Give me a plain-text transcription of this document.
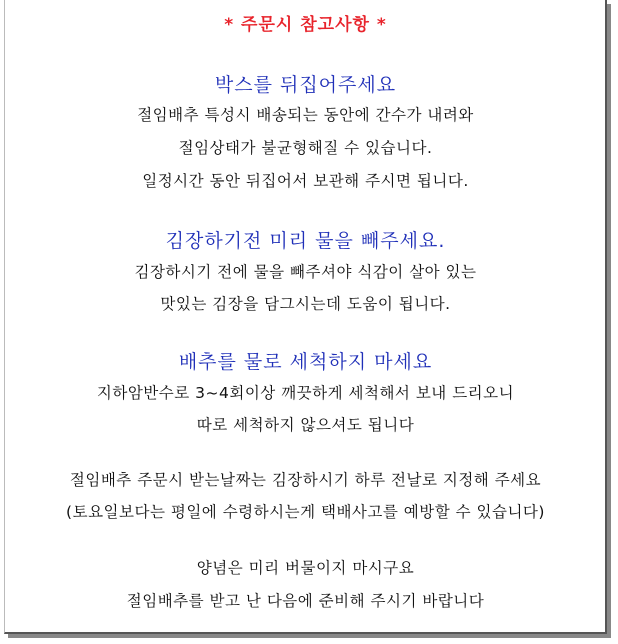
* 주문시 참고사항 *
박스를 뒤집어주세요
절임배추 특성시 배송되는 동안에 간수가 내려와
절임상태가 불균형해질 수 있습니다.
일정시간 동안 뒤집어서 보관해 주시면 됩니다.
김장하기전 미리 물을 빼주세요.
김장하시기 전에 물을 빼주셔야 식감이 살아 있는
맛있는 김장을 담그시는데 도움이 됩니다.
배추를 물로 세척하지 마세요
지하암반수로 3~4회이상 깨끗하게 세척해서 보내 드리오니
따로 세척하지 않으셔도 됩니다
절임배추 주문시 받는날짜는 김장하시기 하루 전날로 지정해 주세요
(토요일보다는 평일에 수령하시는게 택배사고를 예방할 수 있습니다)
양념은 미리 버물이지 마시구요
절임배추를 받고 난 다음에 준비해 주시기 바랍니다
